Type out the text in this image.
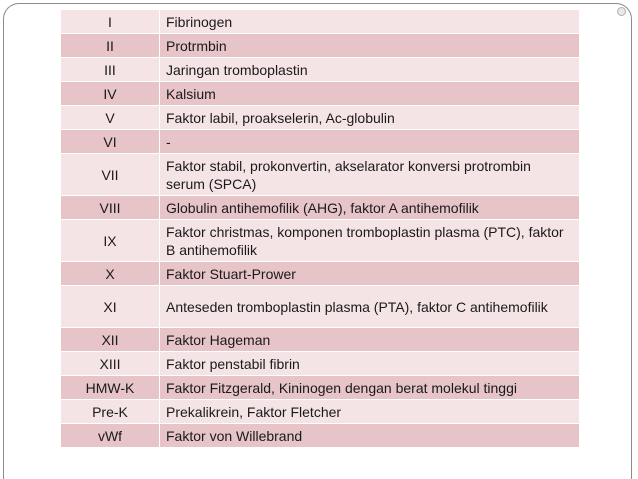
I	Fibrinogen
II	Protrmbin
III	Jaringan tromboplastin
IV	Kalsium
V	Faktor labil, proakselerin, Ac-globulin
VI	-
VII	Faktor stabil, prokonvertin, akselarator konversi protrombin serum (SPCA)
VIII	Globulin antihemofilik (AHG), faktor A antihemofilik
IX	Faktor christmas, komponen tromboplastin plasma (PTC), faktor B antihemofilik
X	Faktor Stuart-Prower
XI	Anteseden tromboplastin plasma (PTA), faktor C antihemofilik
XII	Faktor Hageman
XIII	Faktor penstabil fibrin
HMW-K	Faktor Fitzgerald, Kininogen dengan berat molekul tinggi
Pre-K	Prekalikrein, Faktor Fletcher
vWf	Faktor von Willebrand
